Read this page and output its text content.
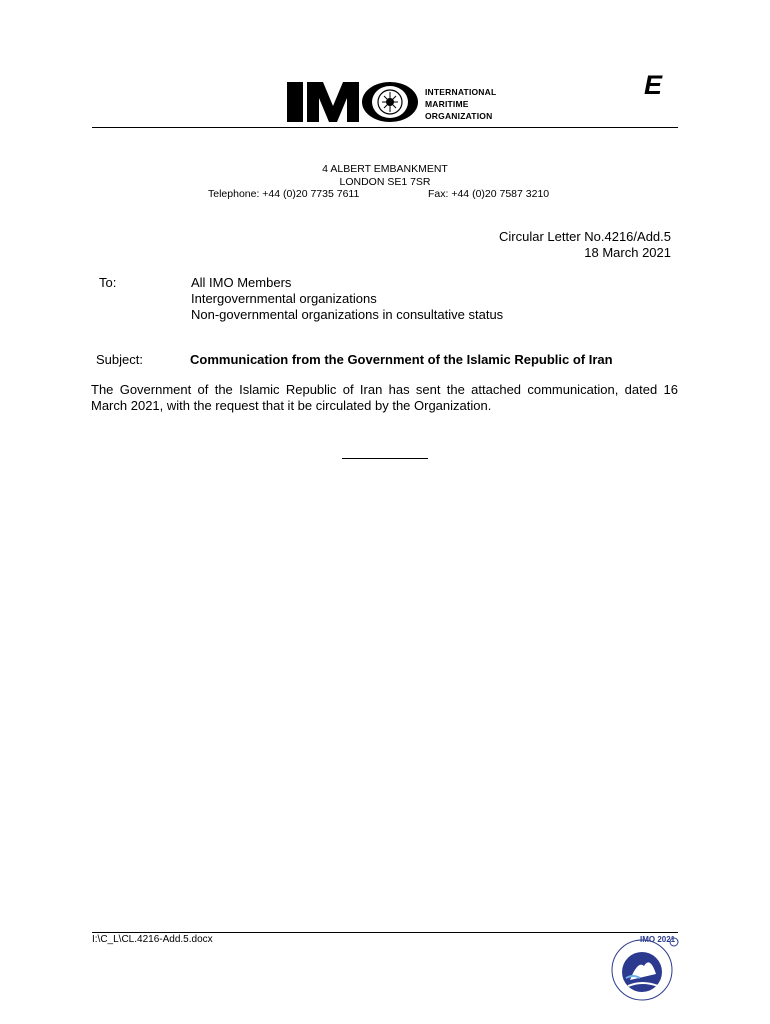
INTERNATIONAL
MARITIME
ORGANIZATION
E
4 ALBERT EMBANKMENT
LONDON SE1 7SR
Telephone: +44 (0)20 7735 7611	Fax: +44 (0)20 7587 3210
Circular Letter No.4216/Add.5
18 March 2021
To:	All IMO Members
Intergovernmental organizations
Non-governmental organizations in consultative status
Subject:	Communication from the Government of the Islamic Republic of Iran
The Government of the Islamic Republic of Iran has sent the attached communication, dated 16 March 2021, with the request that it be circulated by the Organization.
I:\C_L\CL.4216-Add.5.docx	IMO 2021
